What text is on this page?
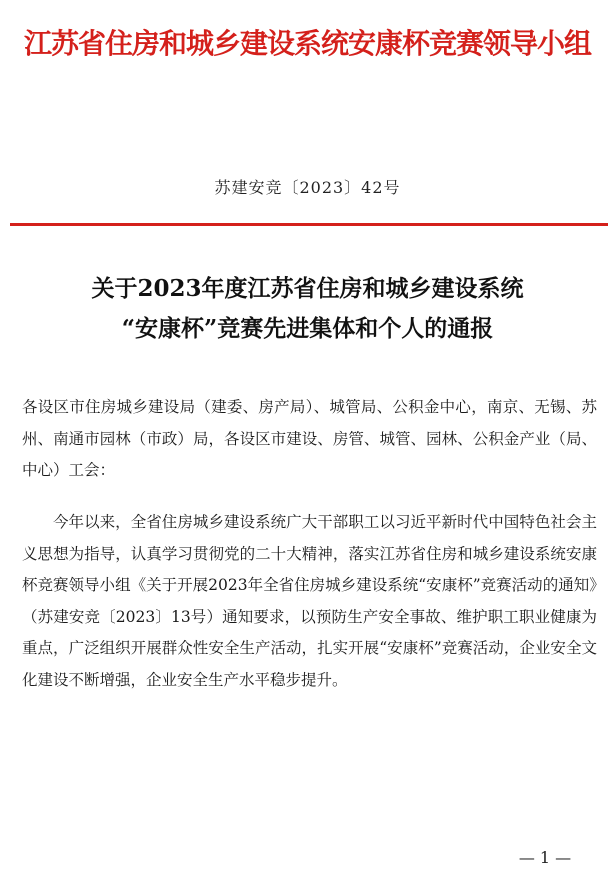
江苏省住房和城乡建设系统安康杯竞赛领导小组
苏建安竞〔2023〕42号
关于2023年度江苏省住房和城乡建设系统
“安康杯”竞赛先进集体和个人的通报
各设区市住房城乡建设局（建委、房产局）、城管局、公积金中心，南京、无锡、苏州、南通市园林（市政）局，各设区市建设、房管、城管、园林、公积金产业（局、中心）工会：
今年以来，全省住房城乡建设系统广大干部职工以习近平新时代中国特色社会主义思想为指导，认真学习贯彻党的二十大精神，落实江苏省住房和城乡建设系统安康杯竞赛领导小组《关于开展2023年全省住房城乡建设系统“安康杯”竞赛活动的通知》（苏建安竞〔2023〕13号）通知要求，以预防生产安全事故、维护职工职业健康为重点，广泛组织开展群众性安全生产活动，扎实开展“安康杯”竞赛活动，企业安全文化建设不断增强，企业安全生产水平稳步提升。
— 1 —
